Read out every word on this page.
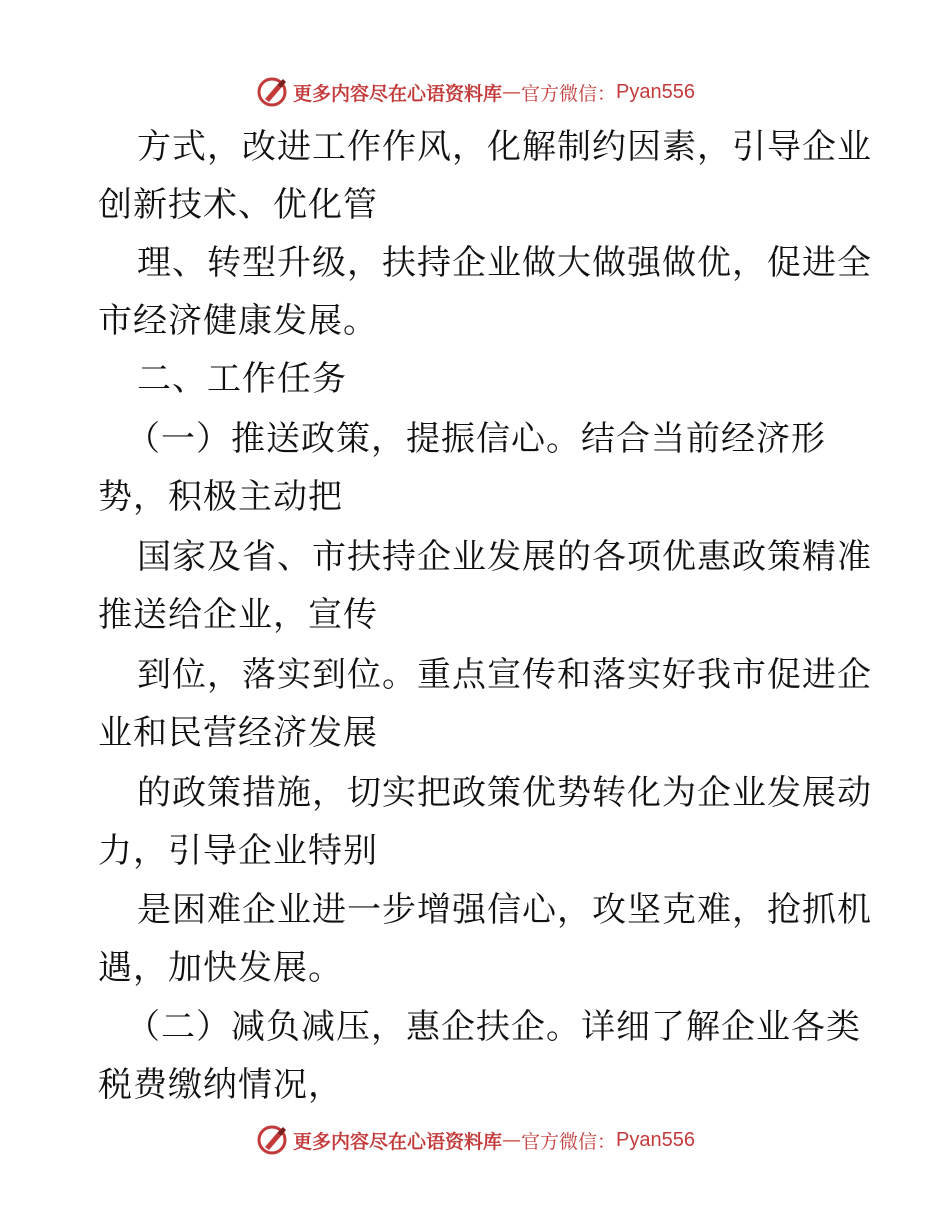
更多内容尽在心语资料库 — 官方微信： Pyan556
方式，改进工作作风，化解制约因素，引导企业
创新技术、优化管
理、转型升级，扶持企业做大做强做优，促进全
市经济健康发展。
二、工作任务
（一）推送政策，提振信心。结合当前经济形
势，积极主动把
国家及省、市扶持企业发展的各项优惠政策精准
推送给企业，宣传
到位，落实到位。重点宣传和落实好我市促进企
业和民营经济发展
的政策措施，切实把政策优势转化为企业发展动
力，引导企业特别
是困难企业进一步增强信心，攻坚克难，抢抓机
遇，加快发展。
（二）减负减压，惠企扶企。详细了解企业各类
税费缴纳情况，
更多内容尽在心语资料库 — 官方微信： Pyan556
